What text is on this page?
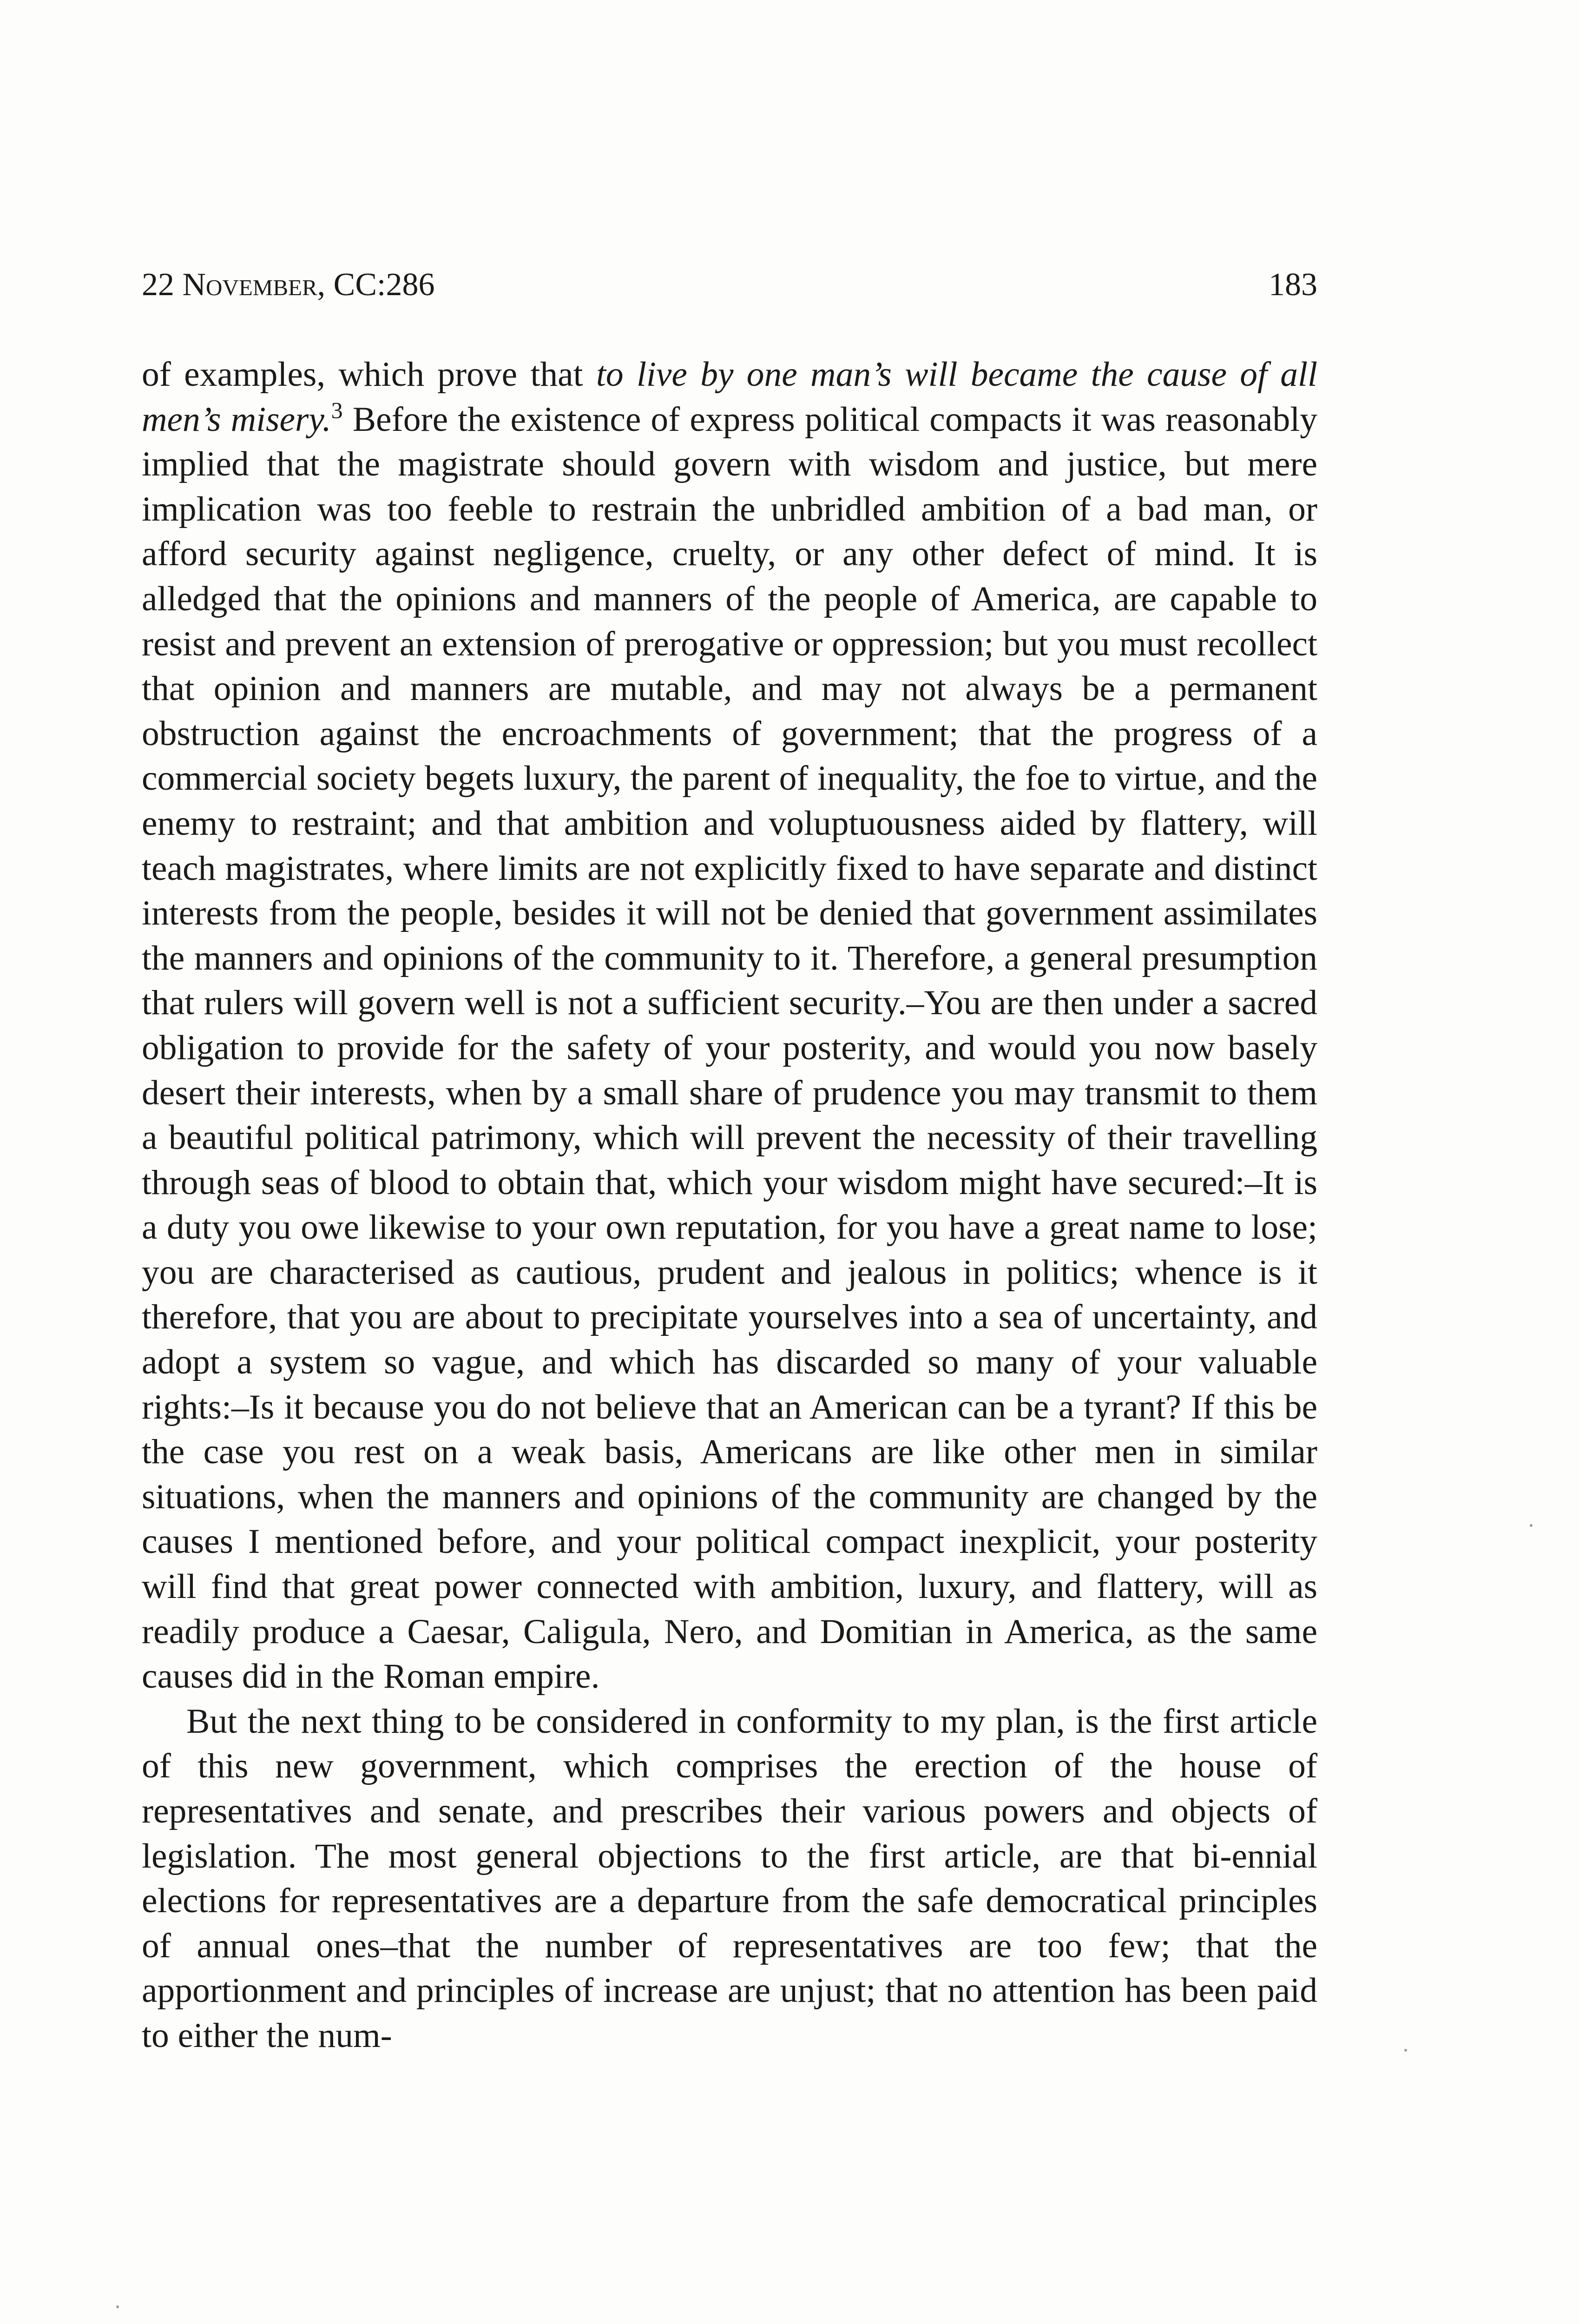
22 November, CC:286	183

of examples, which prove that to live by one man’s will became the cause of all men’s misery.$^3$ Before the existence of express political compacts it was reasonably implied that the magistrate should govern with wisdom and justice, but mere implication was too feeble to restrain the unbridled ambition of a bad man, or afford security against negligence, cruelty, or any other defect of mind. It is alledged that the opinions and manners of the people of America, are capable to resist and prevent an extension of prerogative or oppression; but you must recollect that opinion and manners are mutable, and may not always be a permanent obstruction against the encroachments of government; that the progress of a commercial society begets luxury, the parent of inequality, the foe to virtue, and the enemy to restraint; and that ambition and voluptuousness aided by flattery, will teach magistrates, where limits are not explicitly fixed to have separate and distinct interests from the people, besides it will not be denied that government assimilates the manners and opinions of the community to it. Therefore, a general presumption that rulers will govern well is not a sufficient security.–You are then under a sacred obligation to provide for the safety of your posterity, and would you now basely desert their interests, when by a small share of prudence you may transmit to them a beautiful political patrimony, which will prevent the necessity of their travelling through seas of blood to obtain that, which your wisdom might have secured:–It is a duty you owe likewise to your own reputation, for you have a great name to lose; you are characterised as cautious, prudent and jealous in politics; whence is it therefore, that you are about to precipitate yourselves into a sea of uncertainty, and adopt a system so vague, and which has discarded so many of your valuable rights:–Is it because you do not believe that an American can be a tyrant? If this be the case you rest on a weak basis, Americans are like other men in similar situations, when the manners and opinions of the community are changed by the causes I mentioned before, and your political compact inexplicit, your posterity will find that great power connected with ambition, luxury, and flattery, will as readily produce a Caesar, Caligula, Nero, and Domitian in America, as the same causes did in the Roman empire.

But the next thing to be considered in conformity to my plan, is the first article of this new government, which comprises the erection of the house of representatives and senate, and prescribes their various powers and objects of legislation. The most general objections to the first article, are that bi-ennial elections for representatives are a departure from the safe democratical principles of annual ones–that the number of representatives are too few; that the apportionment and principles of increase are unjust; that no attention has been paid to either the num-
